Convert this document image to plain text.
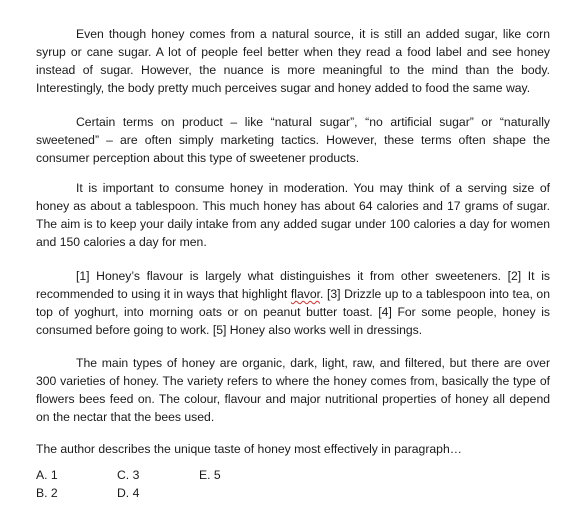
Even though honey comes from a natural source, it is still an added sugar, like corn syrup or cane sugar. A lot of people feel better when they read a food label and see honey instead of sugar. However, the nuance is more meaningful to the mind than the body. Interestingly, the body pretty much perceives sugar and honey added to food the same way.

Certain terms on product – like “natural sugar”, “no artificial sugar” or “naturally sweetened” – are often simply marketing tactics. However, these terms often shape the consumer perception about this type of sweetener products.

It is important to consume honey in moderation. You may think of a serving size of honey as about a tablespoon. This much honey has about 64 calories and 17 grams of sugar. The aim is to keep your daily intake from any added sugar under 100 calories a day for women and 150 calories a day for men.

[1] Honey’s flavour is largely what distinguishes it from other sweeteners. [2] It is recommended to using it in ways that highlight flavor. [3] Drizzle up to a tablespoon into tea, on top of yoghurt, into morning oats or on peanut butter toast. [4] For some people, honey is consumed before going to work. [5] Honey also works well in dressings.

The main types of honey are organic, dark, light, raw, and filtered, but there are over 300 varieties of honey. The variety refers to where the honey comes from, basically the type of flowers bees feed on. The colour, flavour and major nutritional properties of honey all depend on the nectar that the bees used.

The author describes the unique taste of honey most effectively in paragraph…

A. 1
B. 2
C. 3
D. 4
E. 5
